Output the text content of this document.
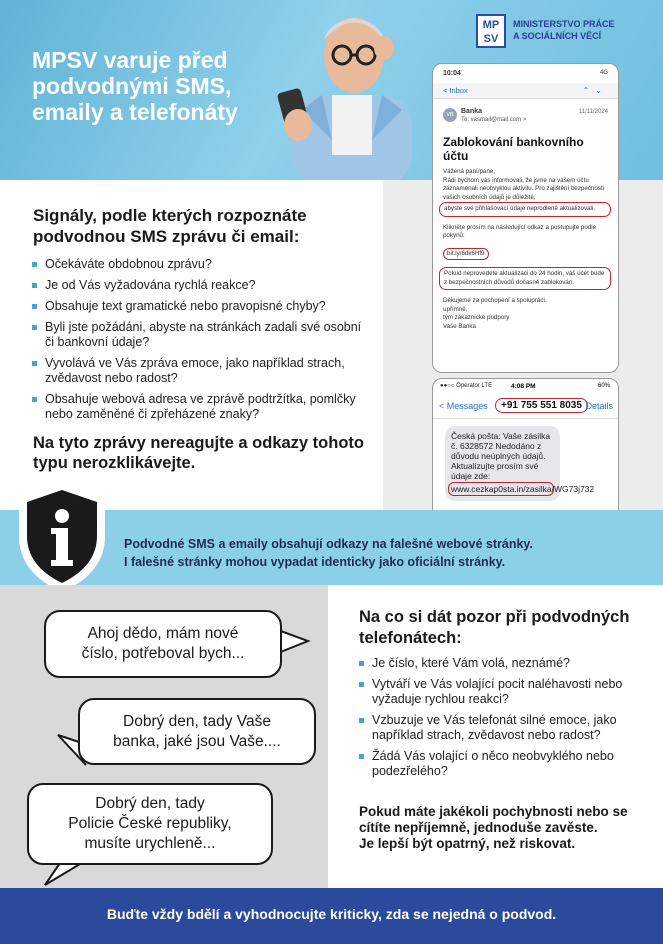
MPSV varuje před
podvodnými SMS,
emaily a telefonáty
MP SV
MINISTERSTVO PRÁCE
A SOCIÁLNÍCH VĚCÍ
Signály, podle kterých rozpoznáte podvodnou SMS zprávu či email:
Očekáváte obdobnou zprávu?
Je od Vás vyžadována rychlá reakce?
Obsahuje text gramatické nebo pravopisné chyby?
Byli jste požádáni, abyste na stránkách zadali své osobní či bankovní údaje?
Vyvolává ve Vás zpráva emoce, jako například strach, zvědavost nebo radost?
Obsahuje webová adresa ve zprávě podtržítka, pomlčky nebo zaměněné či zpřeházené znaky?
Na tyto zprávy nereagujte a odkazy tohoto typu nerozklikávejte.
10:04	4G
< Inbox	⌃⌄
VB	Banka
To: vasmail@mail.com >
11/11/2024
Zablokování bankovního účtu
Vážená paní/pane,

Rádi bychom vás informovali, že jsme na vašem účtu zaznamenali neobvyklou aktivitu. Pro zajištění bezpečnosti vašich osobních údajů je důležité,
abyste své přihlašovací údaje neprodleně aktualizovali.

Klikněte prosím na následující odkaz a postupujte podle pokynů:

bit.ly/6dk6Hf9

Pokud neprovedete aktualizaci do 24 hodin, váš účet bude z bezpečnostních důvodů dočasně zablokován.

Děkujeme za pochopení a spolupráci.
upřímně,
tým zákaznické podpory
Vaše Banka
●●○○ Operator LTE	4:08 PM	60%
< Messages	+91 755 551 8035 Details
Česká pošta: Vaše zásilka č. 6328572 Nedodáno z důvodu neúplných údajů. Aktualizujte prosím své údaje zde:
www.cezkap0sta.in/zasilka/WG73j732
Podvodné SMS a emaily obsahují odkazy na falešné webové stránky.
I falešné stránky mohou vypadat identicky jako oficiální stránky.
Ahoj dědo, mám nové
číslo, potřeboval bych...
Dobrý den, tady Vaše
banka, jaké jsou Vaše....
Dobrý den, tady
Policie České republiky,
musíte urychleně...
Na co si dát pozor při podvodných telefonátech:
Je číslo, které Vám volá, neznámé?
Vytváří ve Vás volající pocit naléhavosti nebo vyžaduje rychlou reakci?
Vzbuzuje ve Vás telefonát silné emoce, jako například strach, zvědavost nebo radost?
Žádá Vás volající o něco neobvyklého nebo podezřelého?
Pokud máte jakékoli pochybnosti nebo se cítíte nepříjemně, jednoduše zavěste.
Je lepší být opatrný, než riskovat.
Buďte vždy bdělí a vyhodnocujte kriticky, zda se nejedná o podvod.
